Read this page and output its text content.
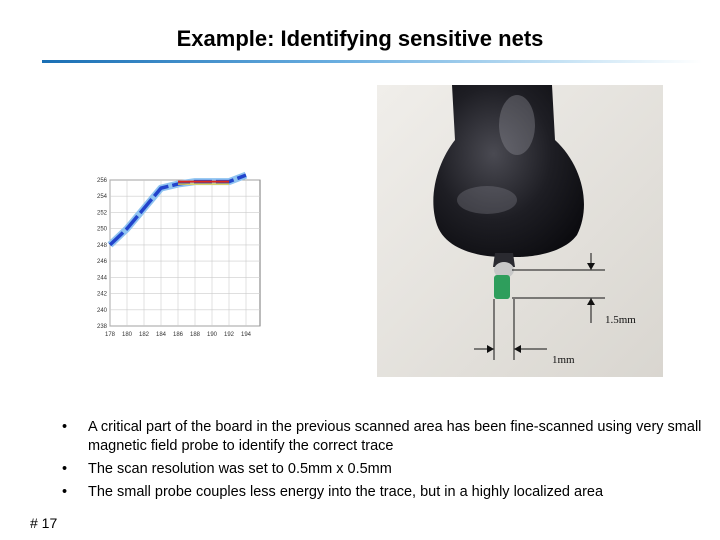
Example: Identifying sensitive nets
256
254
252
250
248
246
244
242
240
238
178 180 182 184 186 188 190 192 194
1.5mm
1mm
•	A critical part of the board in the previous scanned area has been fine-scanned using very small magnetic field probe to identify the correct trace
•	The scan resolution was set to 0.5mm x 0.5mm
•	The small probe couples less energy into the trace, but in a highly localized area
# 17
